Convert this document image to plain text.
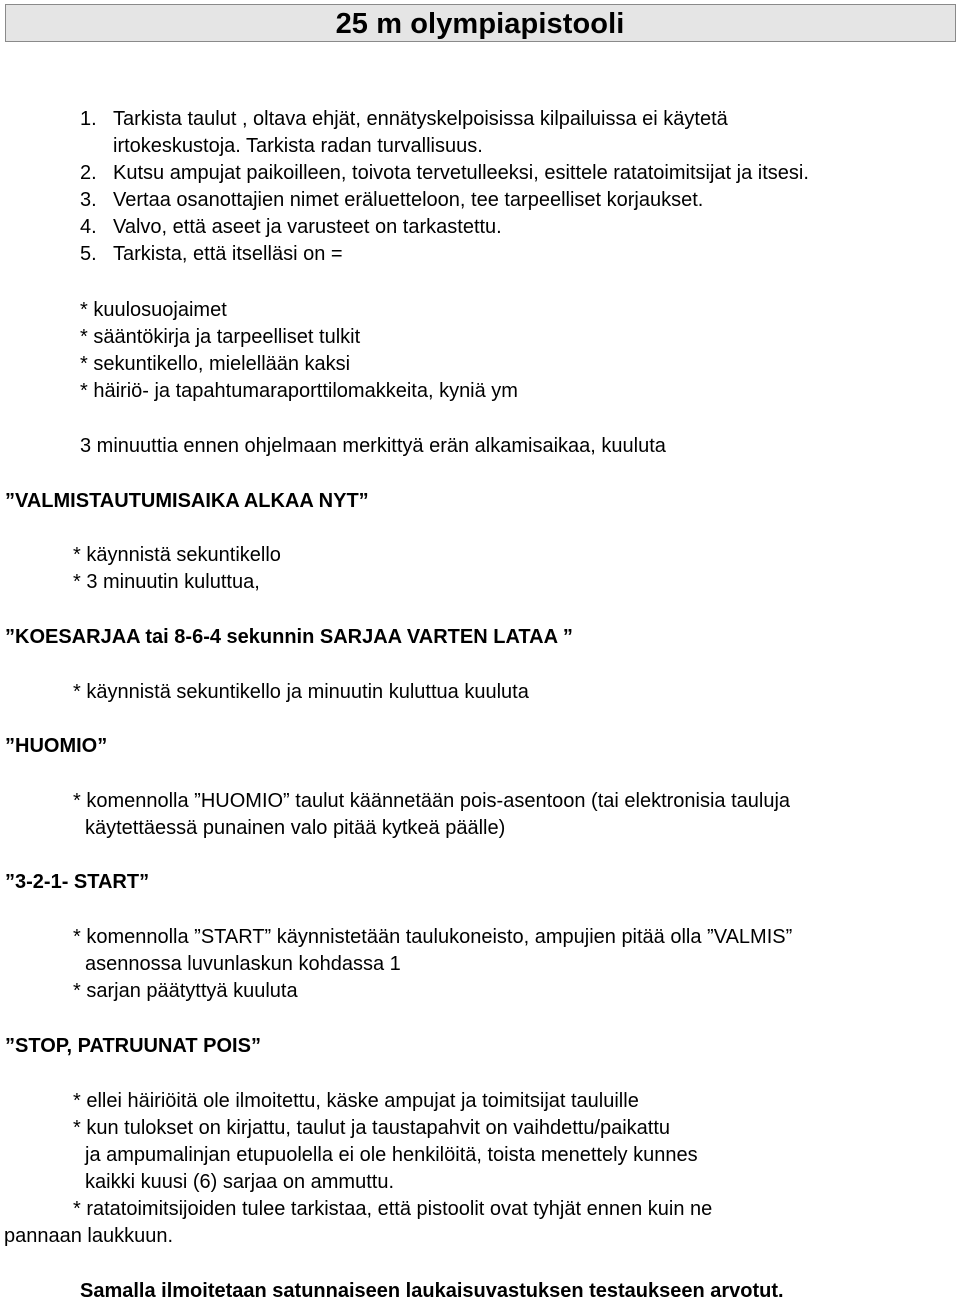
25 m olympiapistooli
1. Tarkista taulut , oltava ehjät, ennätyskelpoisissa kilpailuissa ei käytetä
irtokeskustoja. Tarkista radan turvallisuus.
2. Kutsu ampujat paikoilleen, toivota tervetulleeksi, esittele ratatoimitsijat ja itsesi.
3. Vertaa osanottajien nimet eräluetteloon, tee tarpeelliset korjaukset.
4. Valvo, että aseet ja varusteet on tarkastettu.
5. Tarkista, että itselläsi on =
* kuulosuojaimet
* sääntökirja ja tarpeelliset tulkit
* sekuntikello, mielellään kaksi
* häiriö- ja tapahtumaraporttilomakkeita, kyniä ym
3 minuuttia ennen ohjelmaan merkittyä erän alkamisaikaa, kuuluta
”VALMISTAUTUMISAIKA ALKAA NYT”
* käynnistä sekuntikello
* 3 minuutin kuluttua,
”KOESARJAA tai 8-6-4 sekunnin SARJAA VARTEN LATAA ”
* käynnistä sekuntikello ja minuutin kuluttua kuuluta
”HUOMIO”
* komennolla ”HUOMIO” taulut käännetään pois-asentoon (tai elektronisia tauluja
käytettäessä punainen valo pitää kytkeä päälle)
”3-2-1- START”
* komennolla ”START” käynnistetään taulukoneisto, ampujien pitää olla ”VALMIS”
asennossa luvunlaskun kohdassa 1
* sarjan päätyttyä kuuluta
”STOP, PATRUUNAT POIS”
* ellei häiriöitä ole ilmoitettu, käske ampujat ja toimitsijat tauluille
* kun tulokset on kirjattu, taulut ja taustapahvit on vaihdettu/paikattu
ja ampumalinjan etupuolella ei ole henkilöitä, toista menettely kunnes
kaikki kuusi (6) sarjaa on ammuttu.
* ratatoimitsijoiden tulee tarkistaa, että pistoolit ovat tyhjät ennen kuin ne
pannaan laukkuun.
Samalla ilmoitetaan satunnaiseen laukaisuvastuksen testaukseen arvotut.
